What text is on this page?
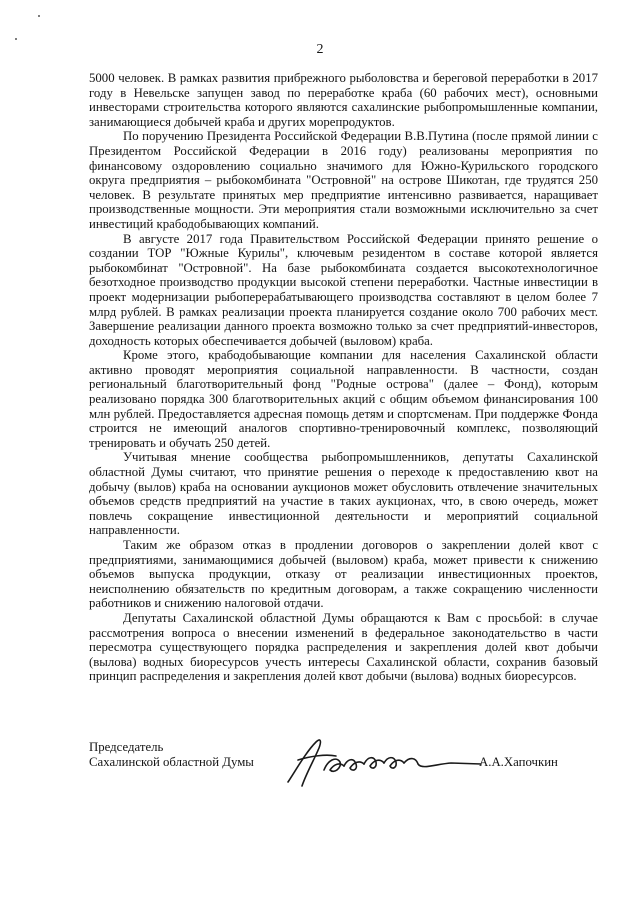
2

5000 человек. В рамках развития прибрежного рыболовства и береговой переработки в 2017 году в Невельске запущен завод по переработке краба (60 рабочих мест), основными инвесторами строительства которого являются сахалинские рыбопромышленные компании, занимающиеся добычей краба и других морепродуктов.

По поручению Президента Российской Федерации В.В.Путина (после прямой линии с Президентом Российской Федерации в 2016 году) реализованы мероприятия по финансовому оздоровлению социально значимого для Южно-Курильского городского округа предприятия – рыбокомбината "Островной" на острове Шикотан, где трудятся 250 человек. В результате принятых мер предприятие интенсивно развивается, наращивает производственные мощности. Эти мероприятия стали возможными исключительно за счет инвестиций крабодобывающих компаний.

В августе 2017 года Правительством Российской Федерации принято решение о создании ТОР "Южные Курилы", ключевым резидентом в составе которой является рыбокомбинат "Островной". На базе рыбокомбината создается высокотехнологичное безотходное производство продукции высокой степени переработки. Частные инвестиции в проект модернизации рыбоперерабатывающего производства составляют в целом более 7 млрд рублей. В рамках реализации проекта планируется создание около 700 рабочих мест. Завершение реализации данного проекта возможно только за счет предприятий-инвесторов, доходность которых обеспечивается добычей (выловом) краба.

Кроме этого, крабодобывающие компании для населения Сахалинской области активно проводят мероприятия социальной направленности. В частности, создан региональный благотворительный фонд "Родные острова" (далее – Фонд), которым реализовано порядка 300 благотворительных акций с общим объемом финансирования 100 млн рублей. Предоставляется адресная помощь детям и спортсменам. При поддержке Фонда строится не имеющий аналогов спортивно-тренировочный комплекс, позволяющий тренировать и обучать 250 детей.

Учитывая мнение сообщества рыбопромышленников, депутаты Сахалинской областной Думы считают, что принятие решения о переходе к предоставлению квот на добычу (вылов) краба на основании аукционов может обусловить отвлечение значительных объемов средств предприятий на участие в таких аукционах, что, в свою очередь, может повлечь сокращение инвестиционной деятельности и мероприятий социальной направленности.

Таким же образом отказ в продлении договоров о закреплении долей квот с предприятиями, занимающимися добычей (выловом) краба, может привести к снижению объемов выпуска продукции, отказу от реализации инвестиционных проектов, неисполнению обязательств по кредитным договорам, а также сокращению численности работников и снижению налоговой отдачи.

Депутаты Сахалинской областной Думы обращаются к Вам с просьбой: в случае рассмотрения вопроса о внесении изменений в федеральное законодательство в части пересмотра существующего порядка распределения и закрепления долей квот добычи (вылова) водных биоресурсов учесть интересы Сахалинской области, сохранив базовый принцип распределения и закрепления долей квот добычи (вылова) водных биоресурсов.

Председатель
Сахалинской областной Думы	А.А.Хапочкин
